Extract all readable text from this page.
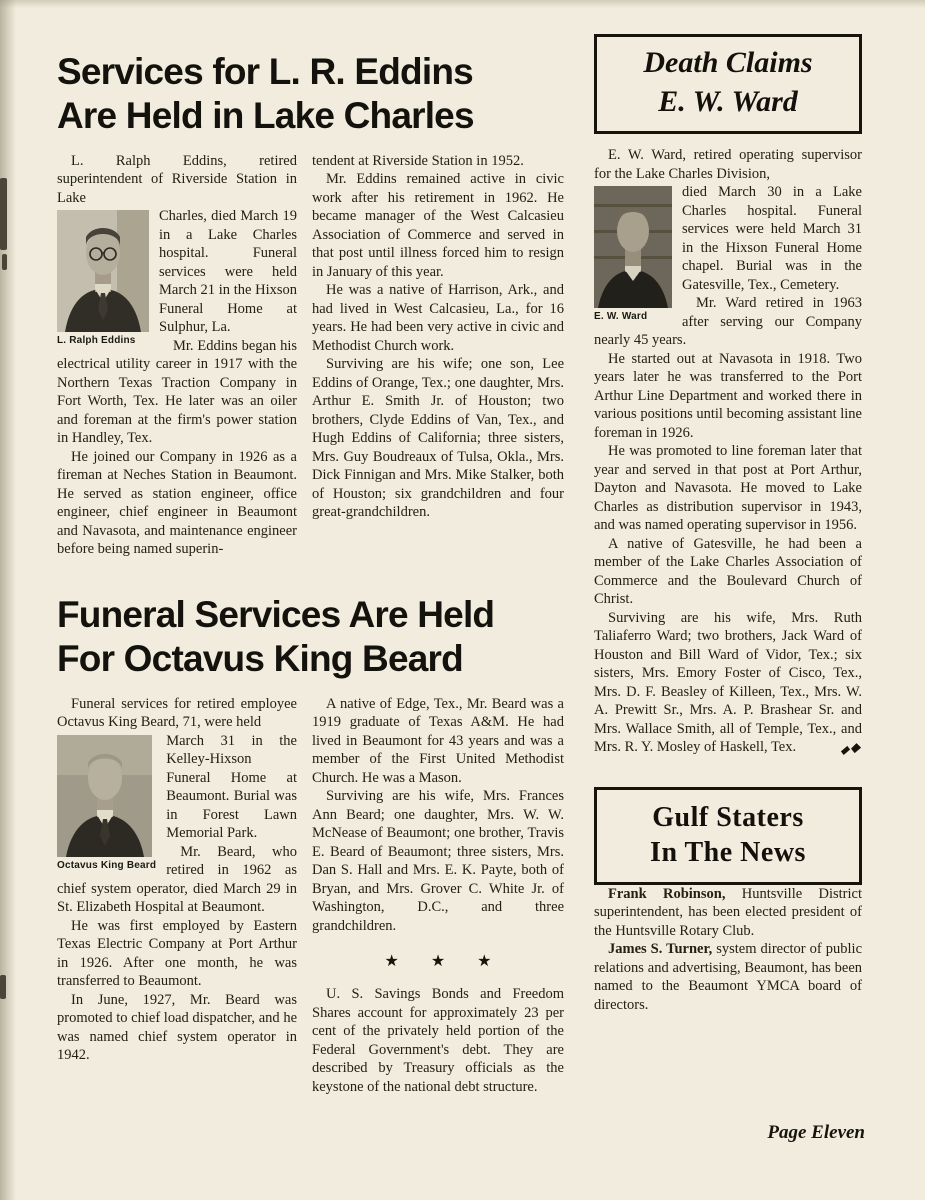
Services for L. R. Eddins
Are Held in Lake Charles

L. Ralph Eddins, retired superintendent of Riverside Station in Lake

L. Ralph Eddins

Charles, died March 19 in a Lake Charles hospital. Funeral services were held March 21 in the Hixson Funeral Home at Sulphur, La.

Mr. Eddins began his electrical utility career in 1917 with the Northern Texas Traction Company in Fort Worth, Tex. He later was an oiler and foreman at the firm's power station in Handley, Tex.

He joined our Company in 1926 as a fireman at Neches Station in Beaumont. He served as station engineer, office engineer, chief engineer in Beaumont and Navasota, and maintenance engineer before being named superin-

tendent at Riverside Station in 1952.

Mr. Eddins remained active in civic work after his retirement in 1962. He became manager of the West Calcasieu Association of Commerce and served in that post until illness forced him to resign in January of this year.

He was a native of Harrison, Ark., and had lived in West Calcasieu, La., for 16 years. He had been very active in civic and Methodist Church work.

Surviving are his wife; one son, Lee Eddins of Orange, Tex.; one daughter, Mrs. Arthur E. Smith Jr. of Houston; two brothers, Clyde Eddins of Van, Tex., and Hugh Eddins of California; three sisters, Mrs. Guy Boudreaux of Tulsa, Okla., Mrs. Dick Finnigan and Mrs. Mike Stalker, both of Houston; six grandchildren and four great-grandchildren.

Funeral Services Are Held
For Octavus King Beard

Funeral services for retired employee Octavus King Beard, 71, were held

Octavus King Beard

March 31 in the Kelley-Hixson Funeral Home at Beaumont. Burial was in Forest Lawn Memorial Park.

Mr. Beard, who retired in 1962 as chief system operator, died March 29 in St. Elizabeth Hospital at Beaumont.

He was first employed by Eastern Texas Electric Company at Port Arthur in 1926. After one month, he was transferred to Beaumont.

In June, 1927, Mr. Beard was promoted to chief load dispatcher, and he was named chief system operator in 1942.

A native of Edge, Tex., Mr. Beard was a 1919 graduate of Texas A&M. He had lived in Beaumont for 43 years and was a member of the First United Methodist Church. He was a Mason.

Surviving are his wife, Mrs. Frances Ann Beard; one daughter, Mrs. W. W. McNease of Beaumont; one brother, Travis E. Beard of Beaumont; three sisters, Mrs. Dan S. Hall and Mrs. E. K. Payte, both of Bryan, and Mrs. Grover C. White Jr. of Washington, D.C., and three grandchildren.

★ ★ ★

U. S. Savings Bonds and Freedom Shares account for approximately 23 per cent of the privately held portion of the Federal Government's debt. They are described by Treasury officials as the keystone of the national debt structure.

Death Claims
E. W. Ward

E. W. Ward, retired operating supervisor for the Lake Charles Division,

E. W. Ward

died March 30 in a Lake Charles hospital. Funeral services were held March 31 in the Hixson Funeral Home chapel. Burial was in the Gatesville, Tex., Cemetery.

Mr. Ward retired in 1963 after serving our Company nearly 45 years.

He started out at Navasota in 1918. Two years later he was transferred to the Port Arthur Line Department and worked there in various positions until becoming assistant line foreman in 1926.

He was promoted to line foreman later that year and served in that post at Port Arthur, Dayton and Navasota. He moved to Lake Charles as distribution supervisor in 1943, and was named operating supervisor in 1956.

A native of Gatesville, he had been a member of the Lake Charles Association of Commerce and the Boulevard Church of Christ.

Surviving are his wife, Mrs. Ruth Taliaferro Ward; two brothers, Jack Ward of Houston and Bill Ward of Vidor, Tex.; six sisters, Mrs. Emory Foster of Cisco, Tex., Mrs. D. F. Beasley of Killeen, Tex., Mrs. W. A. Prewitt Sr., Mrs. A. P. Brashear Sr. and Mrs. Wallace Smith, all of Temple, Tex., and Mrs. R. Y. Mosley of Haskell, Tex.

Gulf Staters
In The News

Frank Robinson, Huntsville District superintendent, has been elected president of the Huntsville Rotary Club.

James S. Turner, system director of public relations and advertising, Beaumont, has been named to the Beaumont YMCA board of directors.

Page Eleven
